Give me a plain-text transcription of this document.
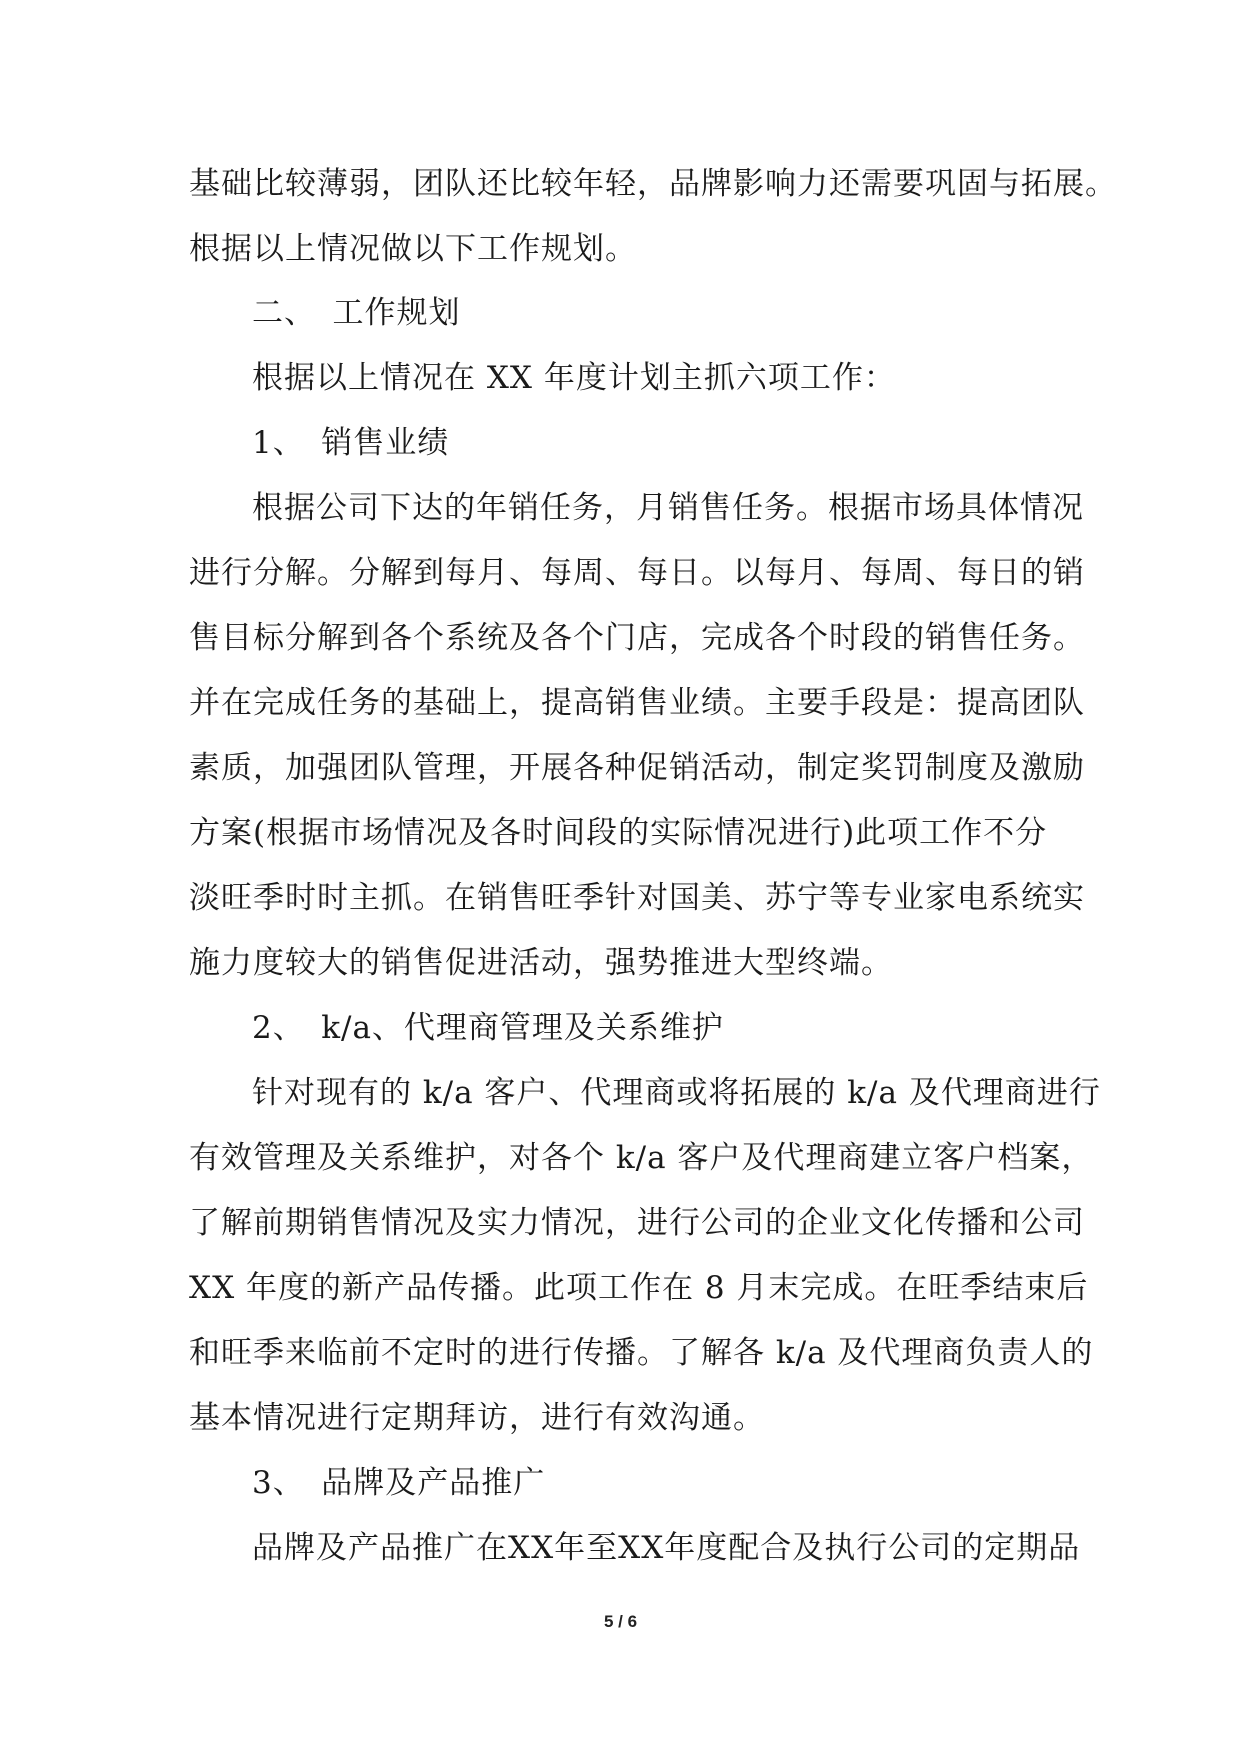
基础比较薄弱，团队还比较年轻，品牌影响力还需要巩固与拓展。
根据以上情况做以下工作规划。
二、　工作规划
根据以上情况在 XX 年度计划主抓六项工作：
1、　销售业绩
根据公司下达的年销任务，月销售任务。根据市场具体情况
进行分解。分解到每月、每周、每日。以每月、每周、每日的销
售目标分解到各个系统及各个门店，完成各个时段的销售任务。
并在完成任务的基础上，提高销售业绩。主要手段是：提高团队
素质，加强团队管理，开展各种促销活动，制定奖罚制度及激励
方案(根据市场情况及各时间段的实际情况进行)此项工作不分
淡旺季时时主抓。在销售旺季针对国美、苏宁等专业家电系统实
施力度较大的销售促进活动，强势推进大型终端。
2、　k/a、代理商管理及关系维护
针对现有的 k/a 客户、代理商或将拓展的 k/a 及代理商进行
有效管理及关系维护，对各个 k/a 客户及代理商建立客户档案，
了解前期销售情况及实力情况，进行公司的企业文化传播和公司
XX 年度的新产品传播。此项工作在 8 月末完成。在旺季结束后
和旺季来临前不定时的进行传播。了解各 k/a 及代理商负责人的
基本情况进行定期拜访，进行有效沟通。
3、　品牌及产品推广
品牌及产品推广在XX年至XX年度配合及执行公司的定期品
5 / 6
